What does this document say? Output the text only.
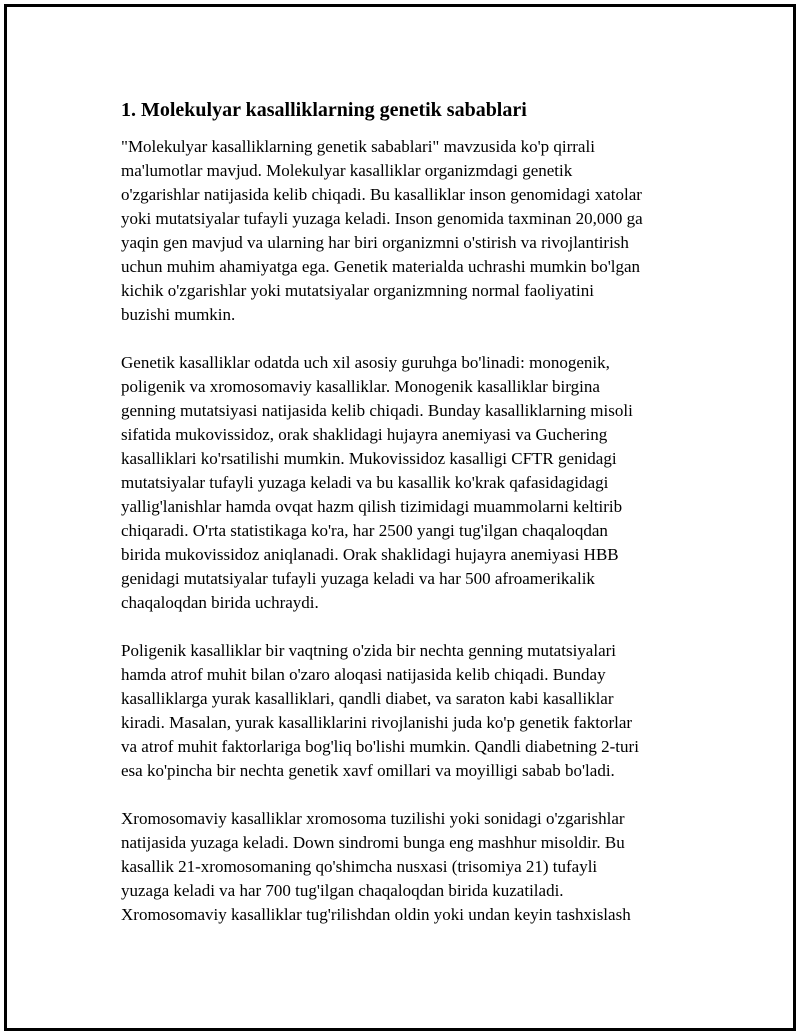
1. Molekulyar kasalliklarning genetik sabablari

"Molekulyar kasalliklarning genetik sabablari" mavzusida ko'p qirrali
ma'lumotlar mavjud. Molekulyar kasalliklar organizmdagi genetik
o'zgarishlar natijasida kelib chiqadi. Bu kasalliklar inson genomidagi xatolar
yoki mutatsiyalar tufayli yuzaga keladi. Inson genomida taxminan 20,000 ga
yaqin gen mavjud va ularning har biri organizmni o'stirish va rivojlantirish
uchun muhim ahamiyatga ega. Genetik materialda uchrashi mumkin bo'lgan
kichik o'zgarishlar yoki mutatsiyalar organizmning normal faoliyatini
buzishi mumkin.

Genetik kasalliklar odatda uch xil asosiy guruhga bo'linadi: monogenik,
poligenik va xromosomaviy kasalliklar. Monogenik kasalliklar birgina
genning mutatsiyasi natijasida kelib chiqadi. Bunday kasalliklarning misoli
sifatida mukovissidoz, orak shaklidagi hujayra anemiyasi va Guchering
kasalliklari ko'rsatilishi mumkin. Mukovissidoz kasalligi CFTR genidagi
mutatsiyalar tufayli yuzaga keladi va bu kasallik ko'krak qafasidagidagi
yallig'lanishlar hamda ovqat hazm qilish tizimidagi muammolarni keltirib
chiqaradi. O'rta statistikaga ko'ra, har 2500 yangi tug'ilgan chaqaloqdan
birida mukovissidoz aniqlanadi. Orak shaklidagi hujayra anemiyasi HBB
genidagi mutatsiyalar tufayli yuzaga keladi va har 500 afroamerikalik
chaqaloqdan birida uchraydi.

Poligenik kasalliklar bir vaqtning o'zida bir nechta genning mutatsiyalari
hamda atrof muhit bilan o'zaro aloqasi natijasida kelib chiqadi. Bunday
kasalliklarga yurak kasalliklari, qandli diabet, va saraton kabi kasalliklar
kiradi. Masalan, yurak kasalliklarini rivojlanishi juda ko'p genetik faktorlar
va atrof muhit faktorlariga bog'liq bo'lishi mumkin. Qandli diabetning 2-turi
esa ko'pincha bir nechta genetik xavf omillari va moyilligi sabab bo'ladi.

Xromosomaviy kasalliklar xromosoma tuzilishi yoki sonidagi o'zgarishlar
natijasida yuzaga keladi. Down sindromi bunga eng mashhur misoldir. Bu
kasallik 21-xromosomaning qo'shimcha nusxasi (trisomiya 21) tufayli
yuzaga keladi va har 700 tug'ilgan chaqaloqdan birida kuzatiladi.
Xromosomaviy kasalliklar tug'rilishdan oldin yoki undan keyin tashxislash
